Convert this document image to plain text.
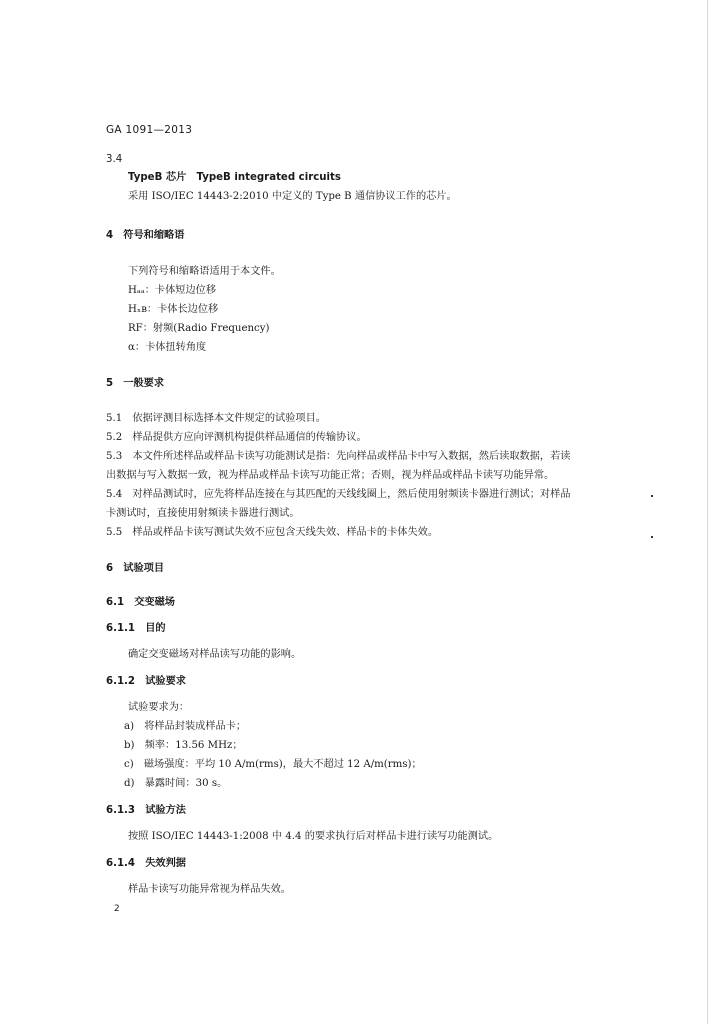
GA 1091—2013
3.4
TypeB 芯片　TypeB integrated circuits
采用 ISO/IEC 14443-2:2010 中定义的 Type B 通信协议工作的芯片。
4　符号和缩略语
下列符号和缩略语适用于本文件。
Hₐₐ：卡体短边位移
Hₓʙ：卡体长边位移
RF：射频(Radio Frequency)
α：卡体扭转角度
5　一般要求
5.1　依据评测目标选择本文件规定的试验项目。
5.2　样品提供方应向评测机构提供样品通信的传输协议。
5.3　本文件所述样品或样品卡读写功能测试是指：先向样品或样品卡中写入数据，然后读取数据，若读
出数据与写入数据一致，视为样品或样品卡读写功能正常；否则，视为样品或样品卡读写功能异常。
5.4　对样品测试时，应先将样品连接在与其匹配的天线线圈上，然后使用射频读卡器进行测试；对样品
卡测试时，直接使用射频读卡器进行测试。
5.5　样品或样品卡读写测试失效不应包含天线失效、样品卡的卡体失效。
6　试验项目
6.1　交变磁场
6.1.1　目的
确定交变磁场对样品读写功能的影响。
6.1.2　试验要求
试验要求为：
a)　将样品封装成样品卡；
b)　频率：13.56 MHz；
c)　磁场强度：平均 10 A/m(rms)，最大不超过 12 A/m(rms)；
d)　暴露时间：30 s。
6.1.3　试验方法
按照 ISO/IEC 14443-1:2008 中 4.4 的要求执行后对样品卡进行读写功能测试。
6.1.4　失效判据
样品卡读写功能异常视为样品失效。
2
